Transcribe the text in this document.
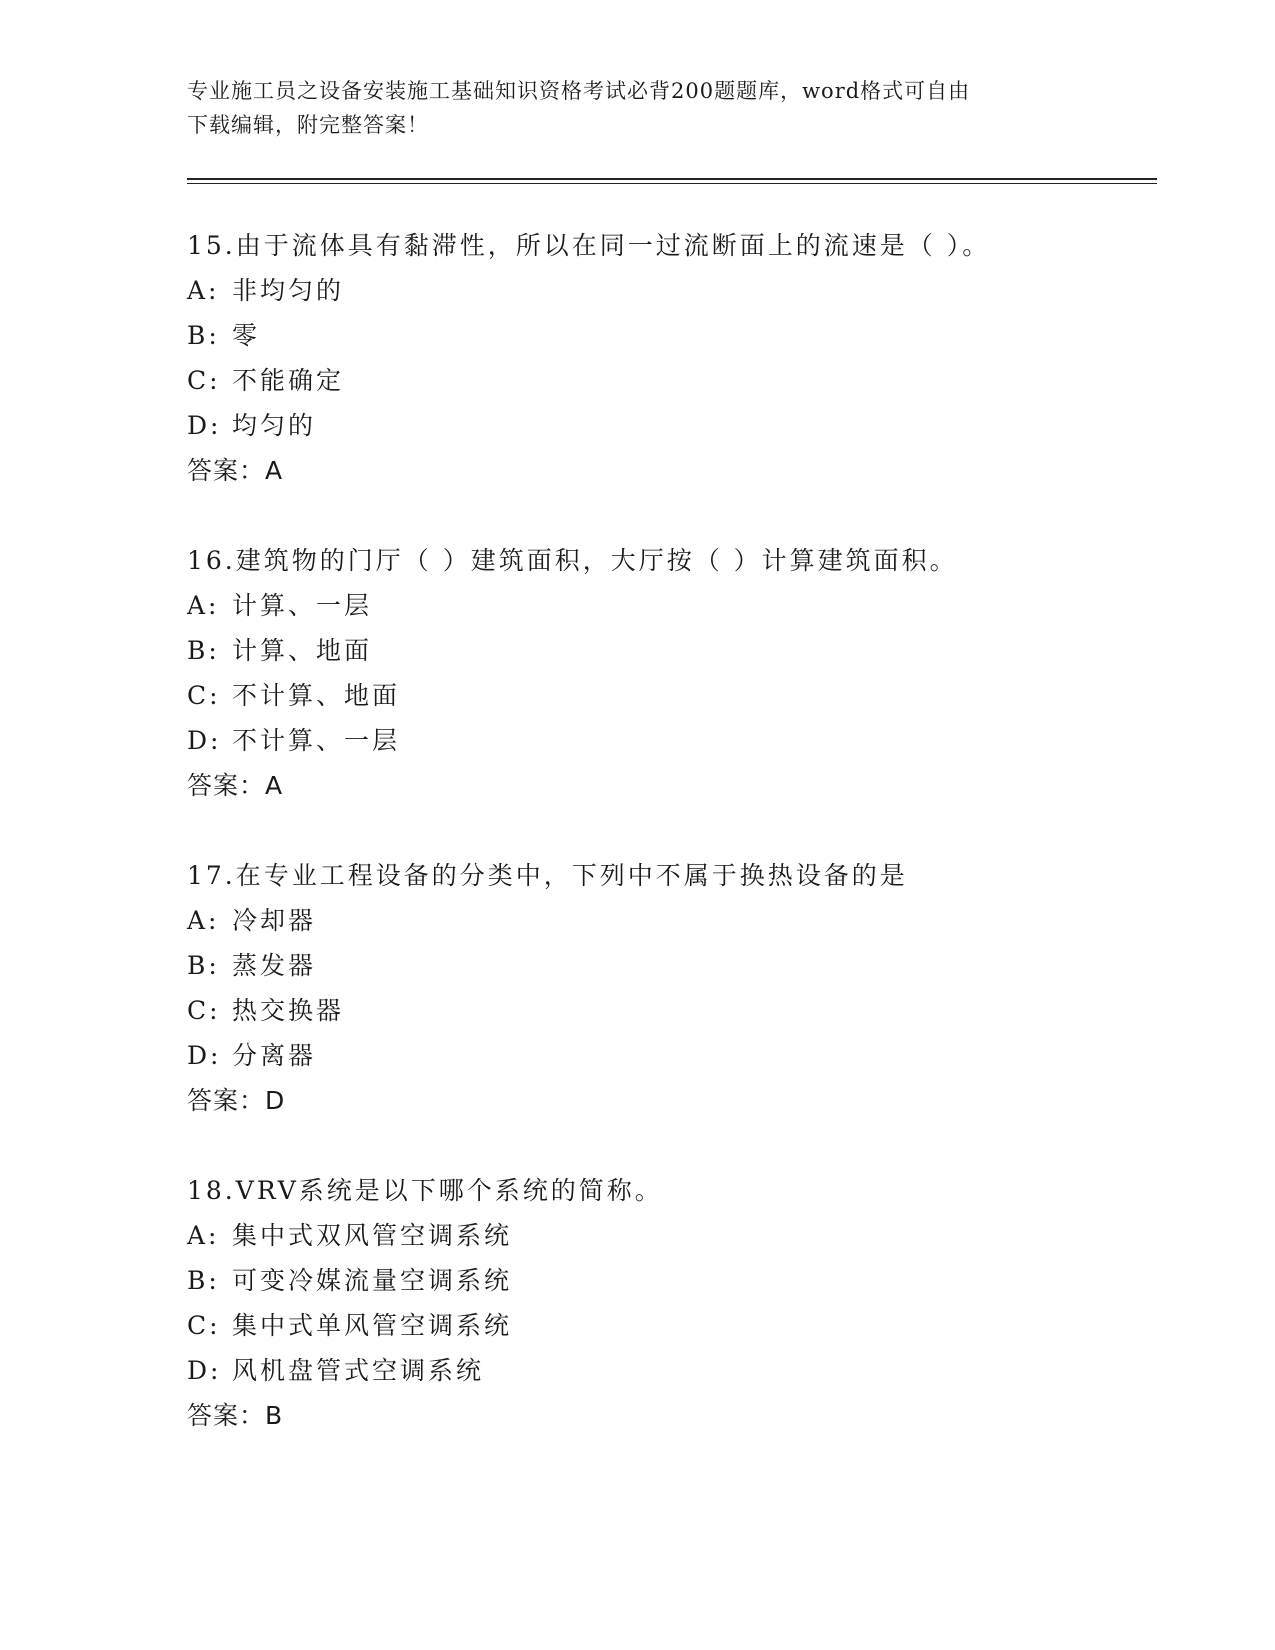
专业施工员之设备安装施工基础知识资格考试必背200题题库，word格式可自由
下载编辑，附完整答案！
15.由于流体具有黏滞性，所以在同一过流断面上的流速是（ ）。
A: 非均匀的
B: 零
C: 不能确定
D: 均匀的
答案：A
16.建筑物的门厅（ ）建筑面积，大厅按（ ）计算建筑面积。
A: 计算、一层
B: 计算、地面
C: 不计算、地面
D: 不计算、一层
答案：A
17.在专业工程设备的分类中，下列中不属于换热设备的是
A: 冷却器
B: 蒸发器
C: 热交换器
D: 分离器
答案：D
18.VRV系统是以下哪个系统的简称。
A: 集中式双风管空调系统
B: 可变冷媒流量空调系统
C: 集中式单风管空调系统
D: 风机盘管式空调系统
答案：B
